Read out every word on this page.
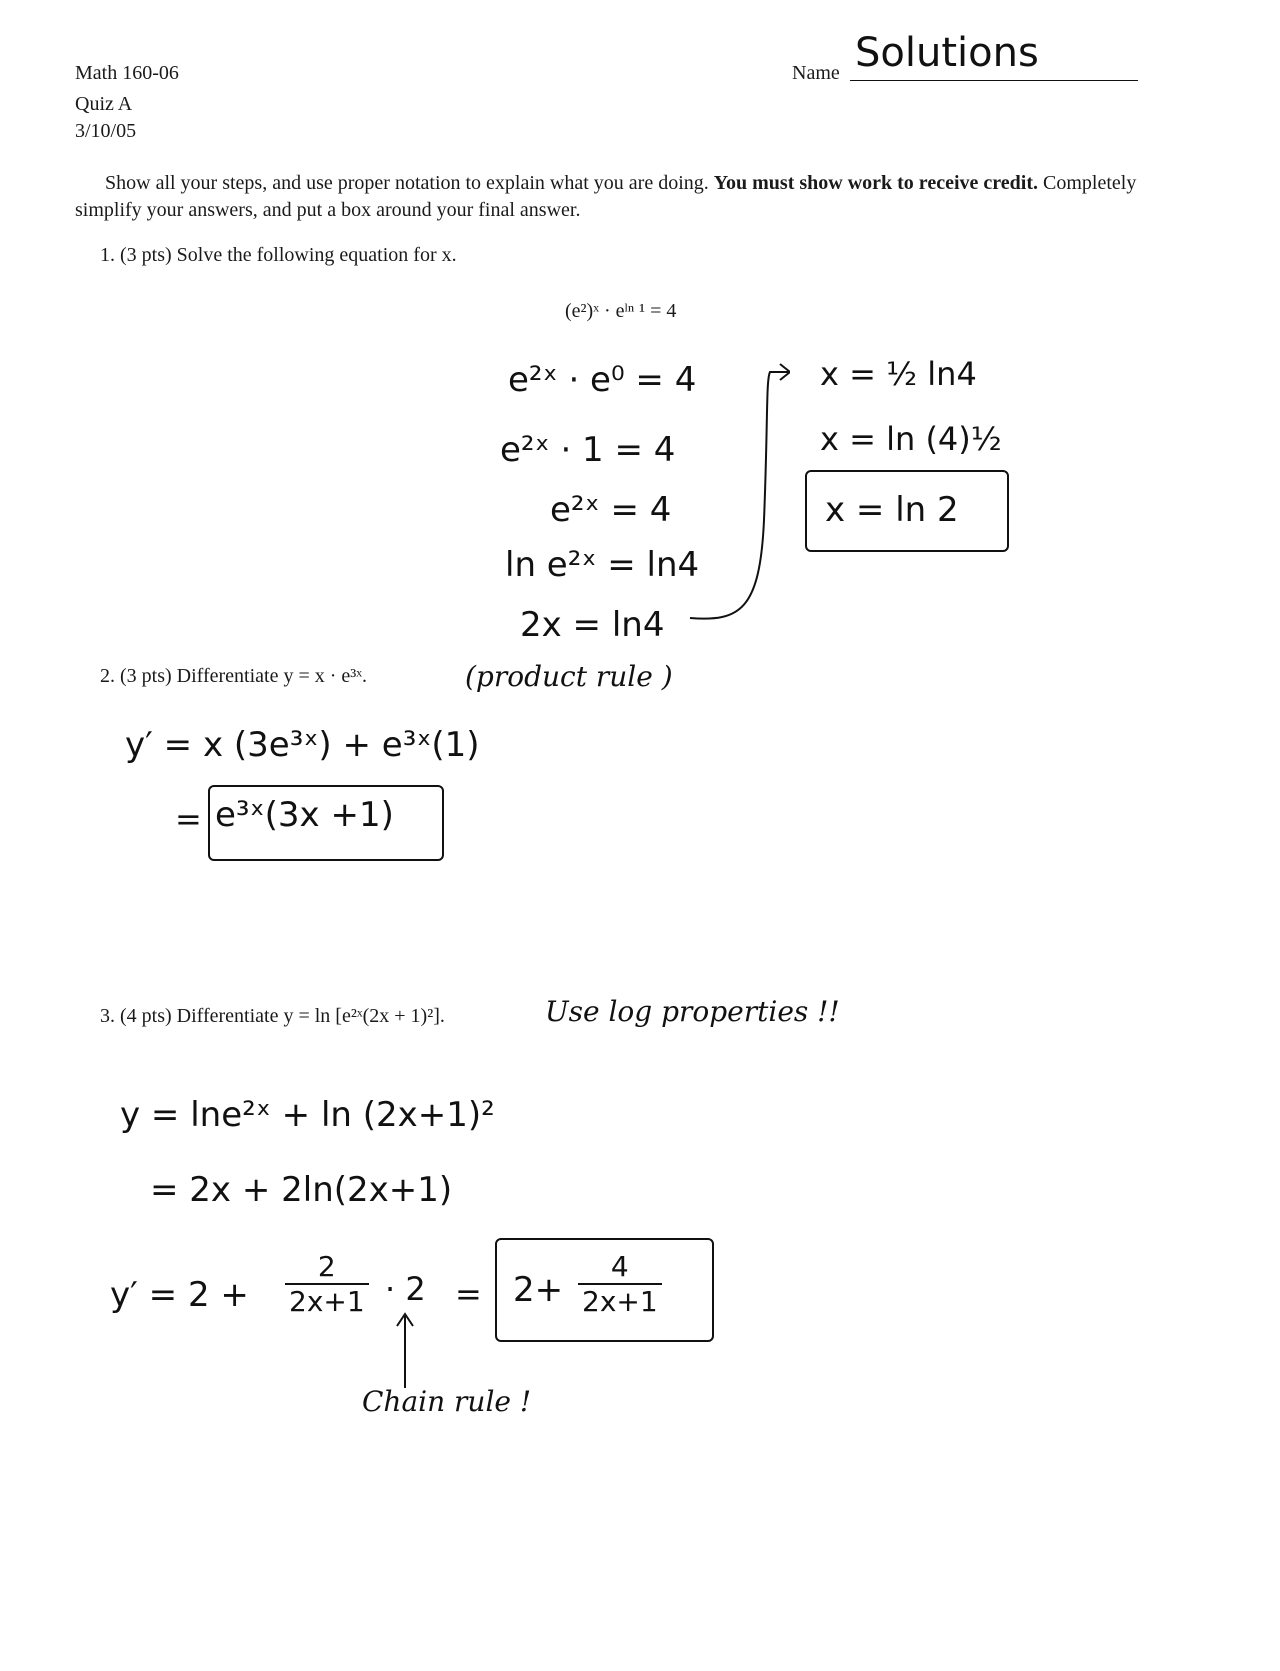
Math 160-06
Quiz A
3/10/05
Name Solutions
Show all your steps, and use proper notation to explain what you are doing. You must show work to receive credit. Completely simplify your answers, and put a box around your final answer.
1. (3 pts) Solve the following equation for x.
(e²)ˣ · eˡⁿ ¹ = 4
e²ˣ · e⁰ = 4
e²ˣ · 1 = 4
e²ˣ = 4
ln e²ˣ = ln4
2x = ln4
x = ½ ln4
x = ln (4)½
x = ln 2
2. (3 pts) Differentiate y = x · e³ˣ.	(product rule )
y′ = x (3e³ˣ) + e³ˣ(1)
= e³ˣ(3x +1)
3. (4 pts) Differentiate y = ln [e²ˣ(2x + 1)²].	Use log properties !!
y = lne²ˣ + ln (2x+1)²
= 2x + 2ln(2x+1)
$y' = 2 + \frac{2}{2x+1} \cdot 2 = 2+ \frac{4}{2x+1}$
Chain rule !
